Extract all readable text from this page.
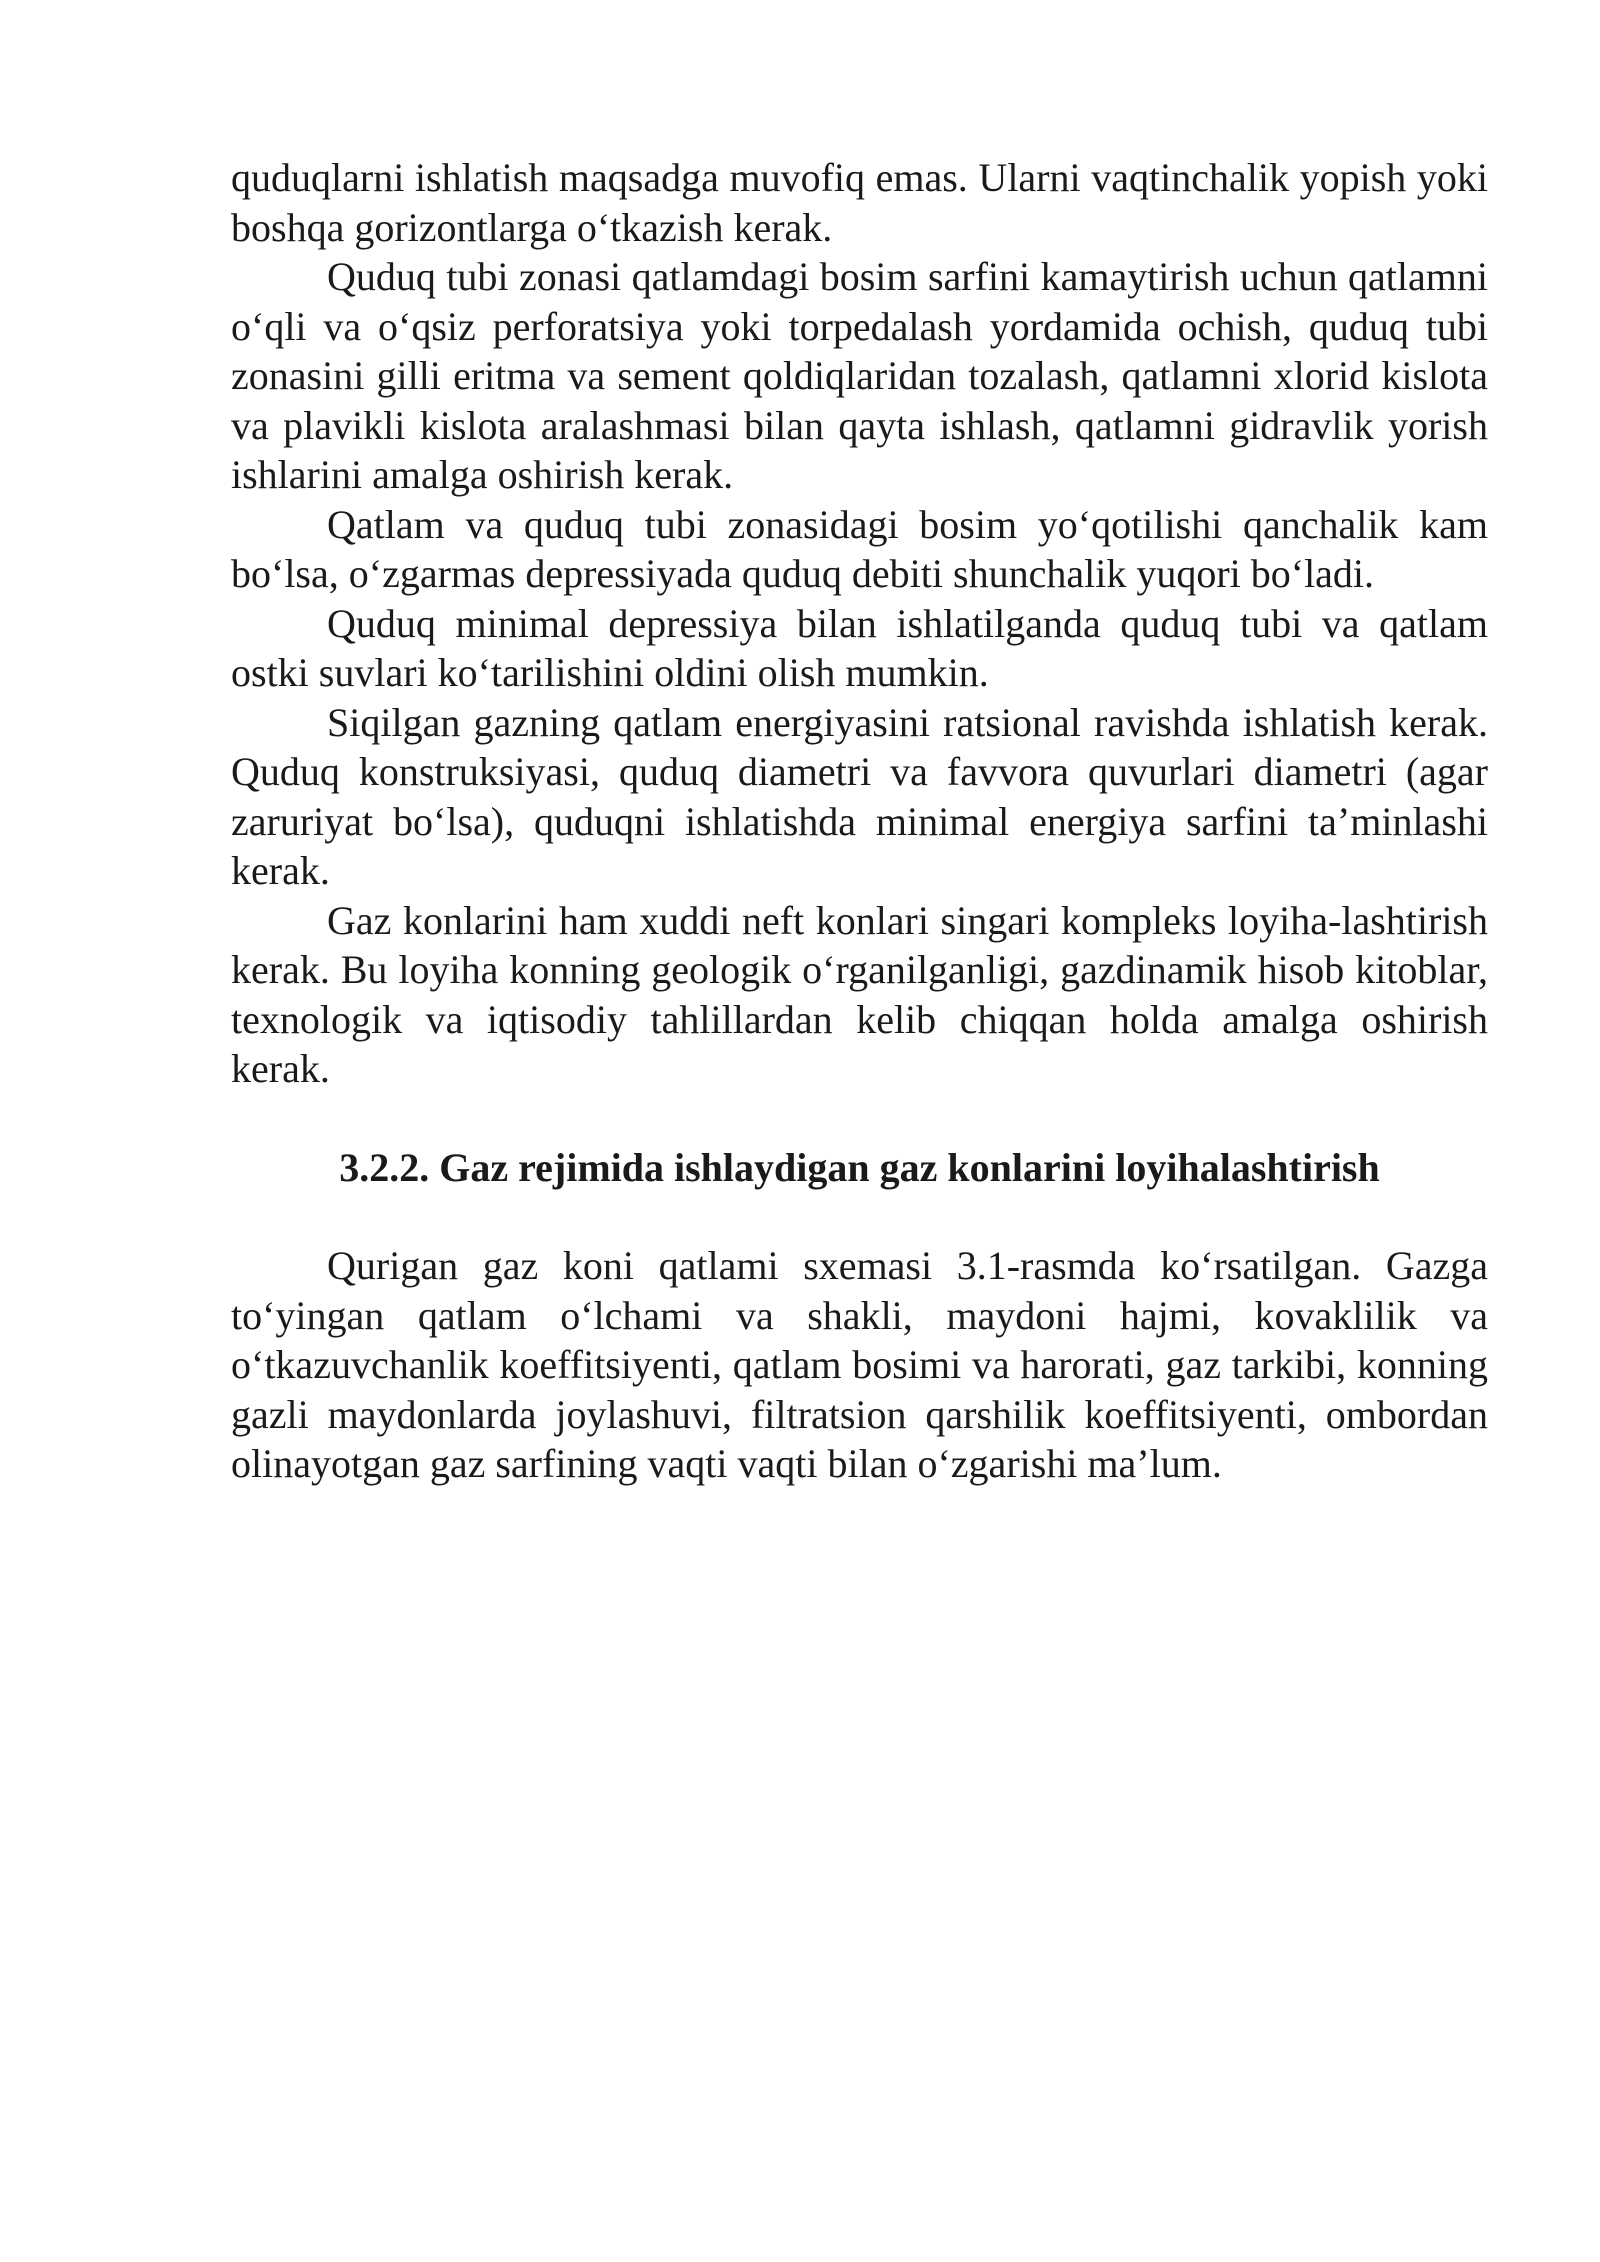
quduqlarni ishlatish maqsadga muvofiq emas. Ularni vaqtinchalik yopish yoki boshqa gorizontlarga o‘tkazish kerak.

Quduq tubi zonasi qatlamdagi bosim sarfini kamaytirish uchun qatlamni o‘qli va o‘qsiz perforatsiya yoki torpedalash yordamida ochish, quduq tubi zonasini gilli eritma va sement qoldiqlaridan tozalash, qatlamni xlorid kislota va plavikli kislota aralashmasi bilan qayta ishlash, qatlamni gidravlik yorish ishlarini amalga oshirish kerak.

Qatlam va quduq tubi zonasidagi bosim yo‘qotilishi qanchalik kam bo‘lsa, o‘zgarmas depressiyada quduq debiti shunchalik yuqori bo‘ladi.

Quduq minimal depressiya bilan ishlatilganda quduq tubi va qatlam ostki suvlari ko‘tarilishini oldini olish mumkin.

Siqilgan gazning qatlam energiyasini ratsional ravishda ishlatish kerak. Quduq konstruksiyasi, quduq diametri va favvora quvurlari diametri (agar zaruriyat bo‘lsa), quduqni ishlatishda minimal energiya sarfini ta’minlashi kerak.

Gaz konlarini ham xuddi neft konlari singari kompleks loyiha-lashtirish kerak. Bu loyiha konning geologik o‘rganilganligi, gazdinamik hisob kitoblar, texnologik va iqtisodiy tahlillardan kelib chiqqan holda amalga oshirish kerak.

3.2.2. Gaz rejimida ishlaydigan gaz konlarini loyihalashtirish

Qurigan gaz koni qatlami sxemasi 3.1-rasmda ko‘rsatilgan. Gazga to‘yingan qatlam o‘lchami va shakli, maydoni hajmi, kovaklilik va o‘tkazuvchanlik koeffitsiyenti, qatlam bosimi va harorati, gaz tarkibi, konning gazli maydonlarda joylashuvi, filtratsion qarshilik koeffitsiyenti, ombordan olinayotgan gaz sarfining vaqti vaqti bilan o‘zgarishi ma’lum.
